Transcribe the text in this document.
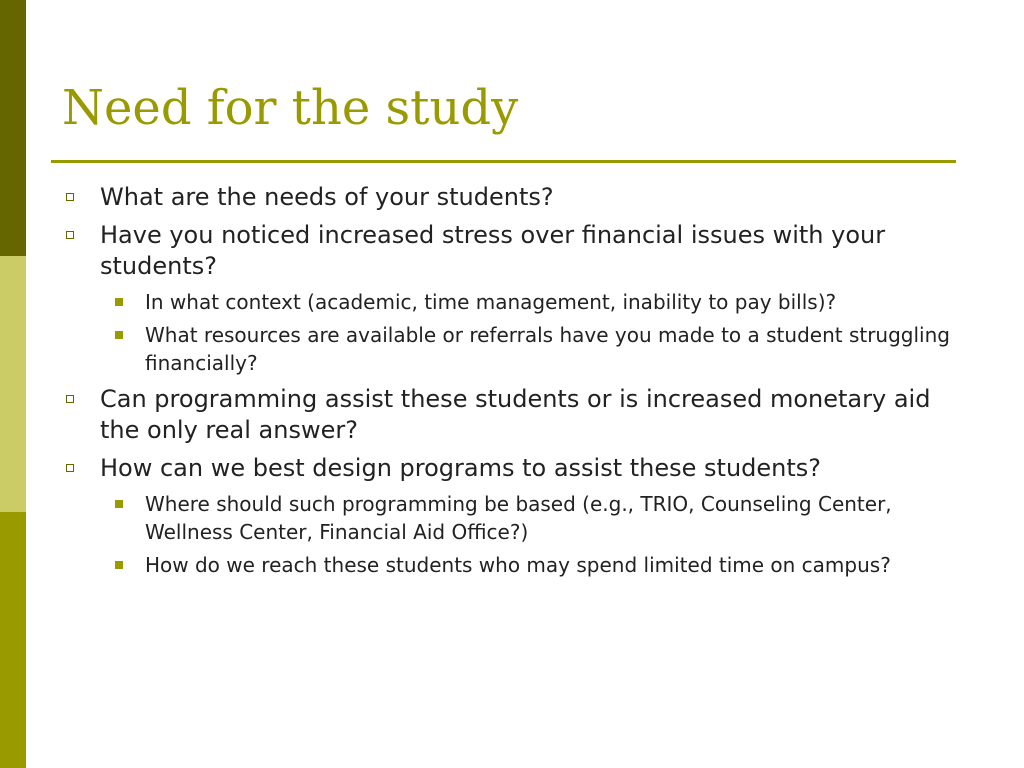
Need for the study
What are the needs of your students?
Have you noticed increased stress over financial issues with your students?
In what context (academic, time management, inability to pay bills)?
What resources are available or referrals have you made to a student struggling financially?
Can programming assist these students or is increased monetary aid the only real answer?
How can we best design programs to assist these students?
Where should such programming be based (e.g., TRIO, Counseling Center, Wellness Center, Financial Aid Office?)
How do we reach these students who may spend limited time on campus?
